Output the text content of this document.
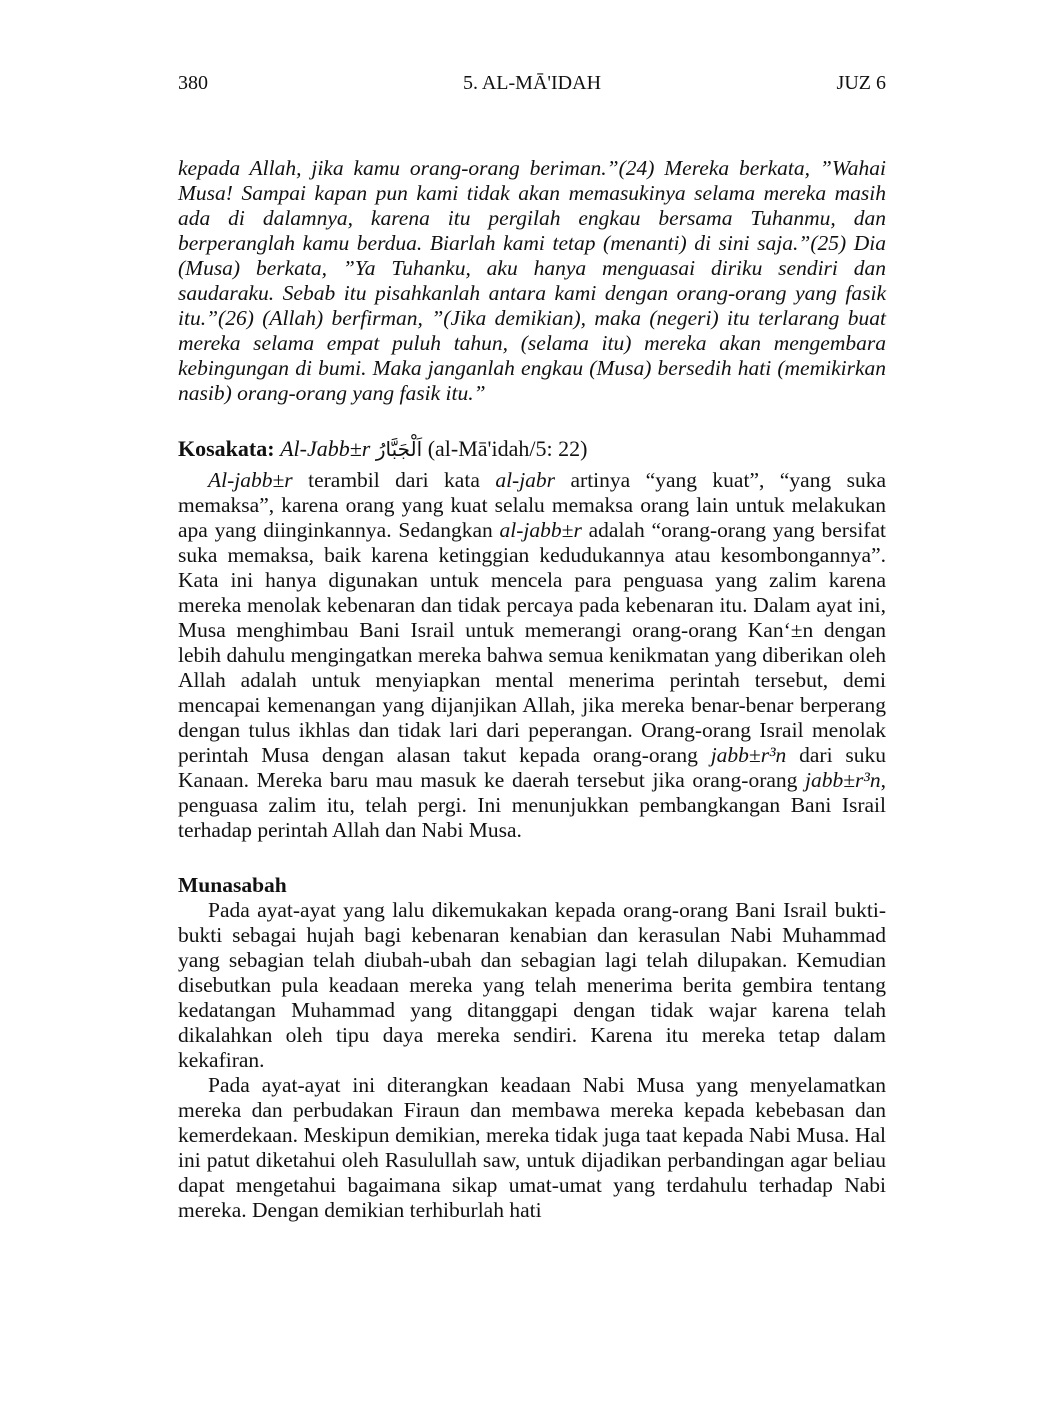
380	5. AL-MĀ'IDAH	JUZ 6

kepada Allah, jika kamu orang-orang beriman.”(24) Mereka berkata, ”Wahai Musa! Sampai kapan pun kami tidak akan memasukinya selama mereka masih ada di dalamnya, karena itu pergilah engkau bersama Tuhanmu, dan berperanglah kamu berdua. Biarlah kami tetap (menanti) di sini saja.”(25) Dia (Musa) berkata, ”Ya Tuhanku, aku hanya menguasai diriku sendiri dan saudaraku. Sebab itu pisahkanlah antara kami dengan orang-orang yang fasik itu.”(26) (Allah) berfirman, ”(Jika demikian), maka (negeri) itu terlarang buat mereka selama empat puluh tahun, (selama itu) mereka akan mengembara kebingungan di bumi. Maka janganlah engkau (Musa) bersedih hati (memikirkan nasib) orang-orang yang fasik itu.”

Kosakata: Al-Jabb±r اَلْجَبَّارُ (al-Mā'idah/5: 22)

Al-jabb±r terambil dari kata al-jabr artinya “yang kuat”, “yang suka memaksa”, karena orang yang kuat selalu memaksa orang lain untuk melakukan apa yang diinginkannya. Sedangkan al-jabb±r adalah “orang-orang yang bersifat suka memaksa, baik karena ketinggian kedudukannya atau kesombongannya”. Kata ini hanya digunakan untuk mencela para penguasa yang zalim karena mereka menolak kebenaran dan tidak percaya pada kebenaran itu. Dalam ayat ini, Musa menghimbau Bani Israil untuk memerangi orang-orang Kan‘±n dengan lebih dahulu mengingatkan mereka bahwa semua kenikmatan yang diberikan oleh Allah adalah untuk menyiapkan mental menerima perintah tersebut, demi mencapai kemenangan yang dijanjikan Allah, jika mereka benar-benar berperang dengan tulus ikhlas dan tidak lari dari peperangan. Orang-orang Israil menolak perintah Musa dengan alasan takut kepada orang-orang jabb±r³n dari suku Kanaan. Mereka baru mau masuk ke daerah tersebut jika orang-orang jabb±r³n, penguasa zalim itu, telah pergi. Ini menunjukkan pembangkangan Bani Israil terhadap perintah Allah dan Nabi Musa.

Munasabah

Pada ayat-ayat yang lalu dikemukakan kepada orang-orang Bani Israil bukti-bukti sebagai hujah bagi kebenaran kenabian dan kerasulan Nabi Muhammad yang sebagian telah diubah-ubah dan sebagian lagi telah dilupakan. Kemudian disebutkan pula keadaan mereka yang telah menerima berita gembira tentang kedatangan Muhammad yang ditanggapi dengan tidak wajar karena telah dikalahkan oleh tipu daya mereka sendiri. Karena itu mereka tetap dalam kekafiran.

Pada ayat-ayat ini diterangkan keadaan Nabi Musa yang menyelamatkan mereka dan perbudakan Firaun dan membawa mereka kepada kebebasan dan kemerdekaan. Meskipun demikian, mereka tidak juga taat kepada Nabi Musa. Hal ini patut diketahui oleh Rasulullah saw, untuk dijadikan perbandingan agar beliau dapat mengetahui bagaimana sikap umat-umat yang terdahulu terhadap Nabi mereka. Dengan demikian terhiburlah hati
